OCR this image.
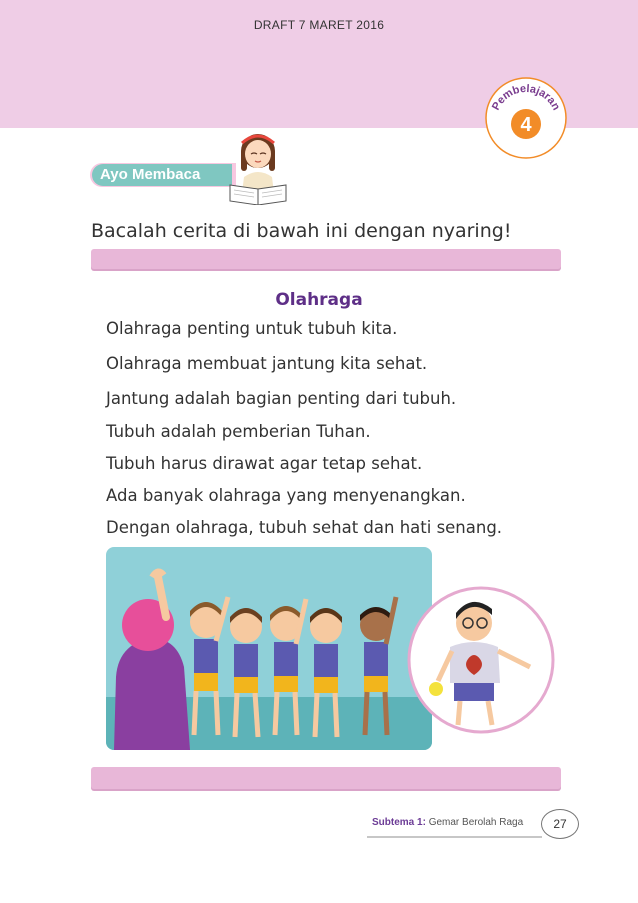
DRAFT 7 MARET 2016
Pembelajaran
4
Ayo Membaca
Bacalah cerita di bawah ini dengan nyaring!
Olahraga
Olahraga penting untuk tubuh kita.
Olahraga membuat jantung kita sehat.
Jantung adalah bagian penting dari tubuh.
Tubuh adalah pemberian Tuhan.
Tubuh harus dirawat agar tetap sehat.
Ada banyak olahraga yang menyenangkan.
Dengan olahraga, tubuh sehat dan hati senang.
Subtema 1: Gemar Berolah Raga	27
